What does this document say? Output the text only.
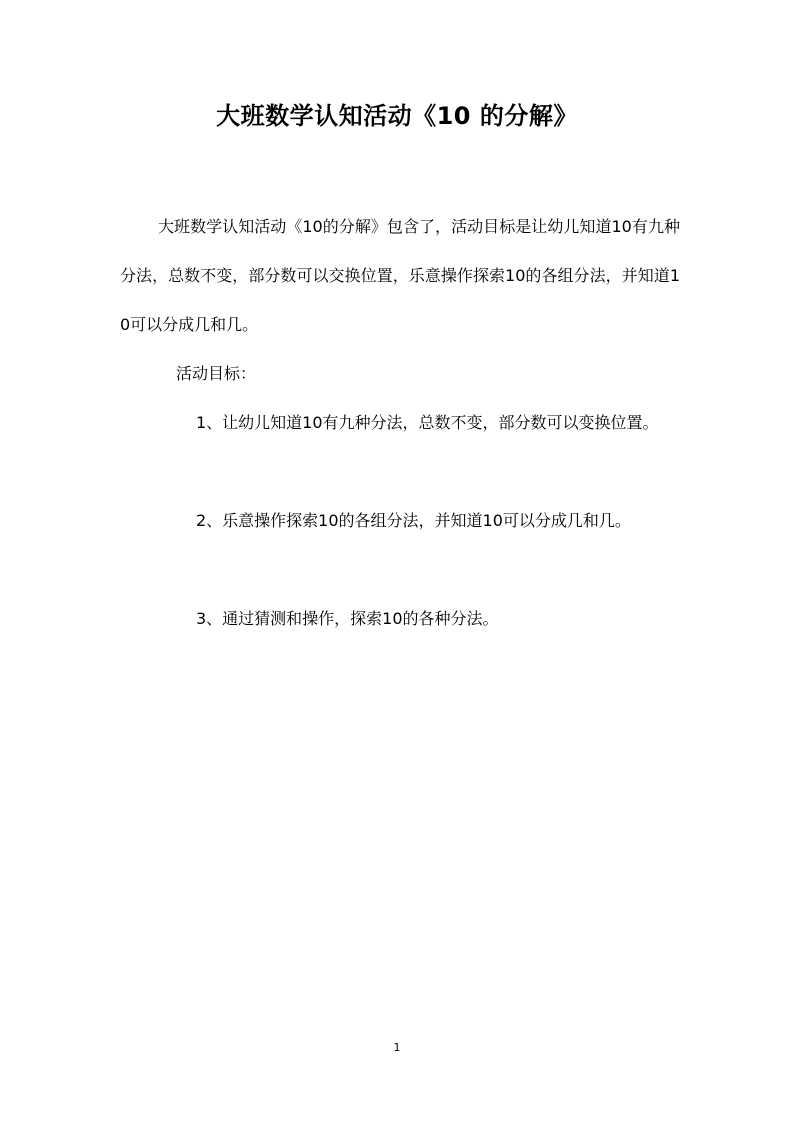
大班数学认知活动《10 的分解》
大班数学认知活动《10的分解》包含了，活动目标是让幼儿知道10有九种分法，总数不变，部分数可以交换位置，乐意操作探索10的各组分法，并知道10可以分成几和几。
活动目标：
1、让幼儿知道10有九种分法，总数不变，部分数可以变换位置。
2、乐意操作探索10的各组分法，并知道10可以分成几和几。
3、通过猜测和操作，探索10的各种分法。
1
